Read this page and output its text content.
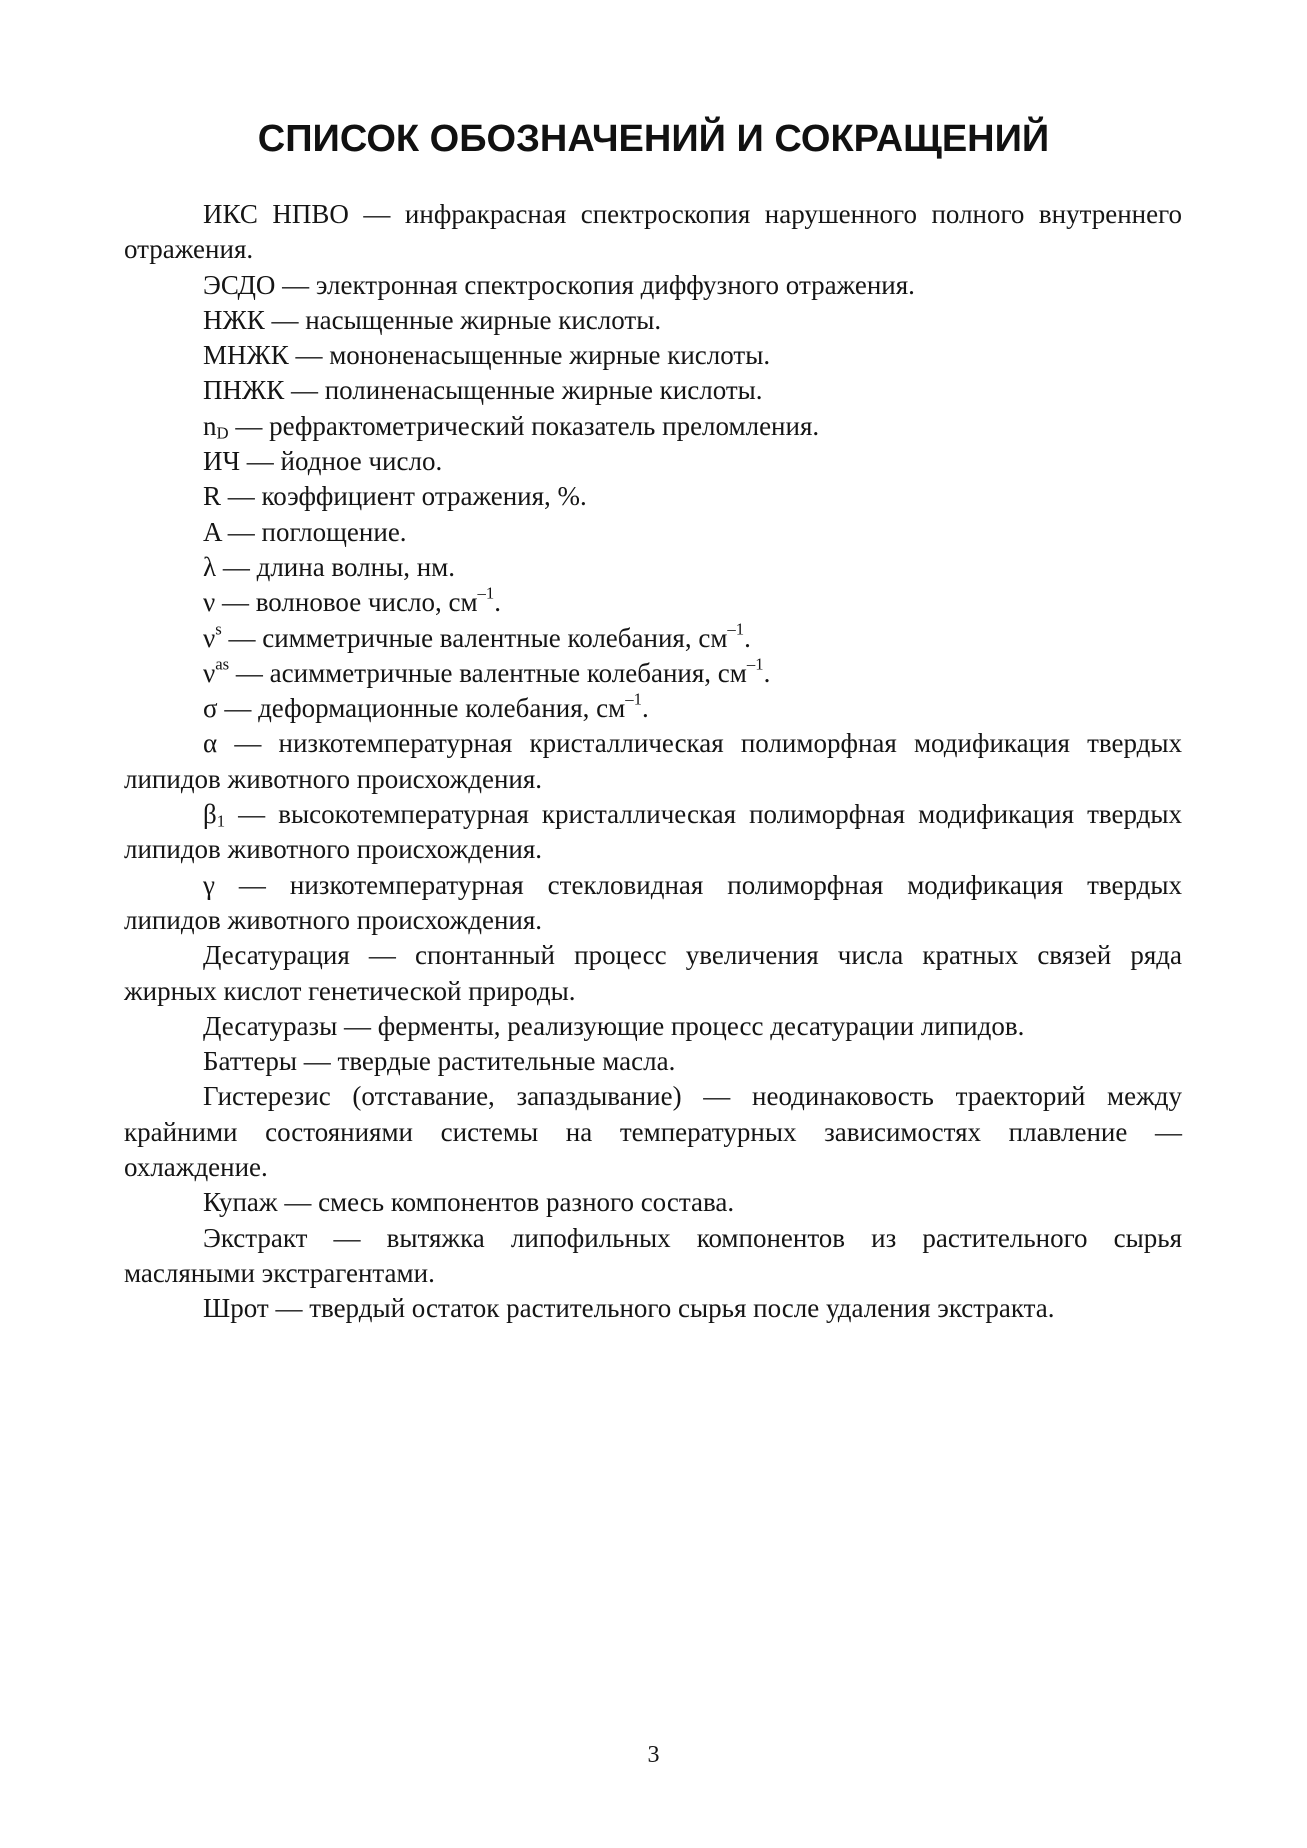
СПИСОК ОБОЗНАЧЕНИЙ И СОКРАЩЕНИЙ

ИКС НПВО — инфракрасная спектроскопия нарушенного полного внутреннего отражения.

ЭСДО — электронная спектроскопия диффузного отражения.

НЖК — насыщенные жирные кислоты.

МНЖК — мононенасыщенные жирные кислоты.

ПНЖК — полиненасыщенные жирные кислоты.

$n_D$ — рефрактометрический показатель преломления.

ИЧ — йодное число.

R — коэффициент отражения, %.

A — поглощение.

λ — длина волны, нм.

ν — волновое число, $см^{-1}$.

$\nu^s$ — симметричные валентные колебания, $см^{-1}$.

$\nu^{as}$ — асимметричные валентные колебания, $см^{-1}$.

σ — деформационные колебания, $см^{-1}$.

α — низкотемпературная кристаллическая полиморфная модификация твердых липидов животного происхождения.

$\beta_1$ — высокотемпературная кристаллическая полиморфная модификация твердых липидов животного происхождения.

γ — низкотемпературная стекловидная полиморфная модификация твердых липидов животного происхождения.

Десатурация — спонтанный процесс увеличения числа кратных связей ряда жирных кислот генетической природы.

Десатуразы — ферменты, реализующие процесс десатурации липидов.

Баттеры — твердые растительные масла.

Гистерезис (отставание, запаздывание) — неодинаковость траекторий между крайними состояниями системы на температурных зависимостях плавление — охлаждение.

Купаж — смесь компонентов разного состава.

Экстракт — вытяжка липофильных компонентов из растительного сырья масляными экстрагентами.

Шрот — твердый остаток растительного сырья после удаления экстракта.

3
